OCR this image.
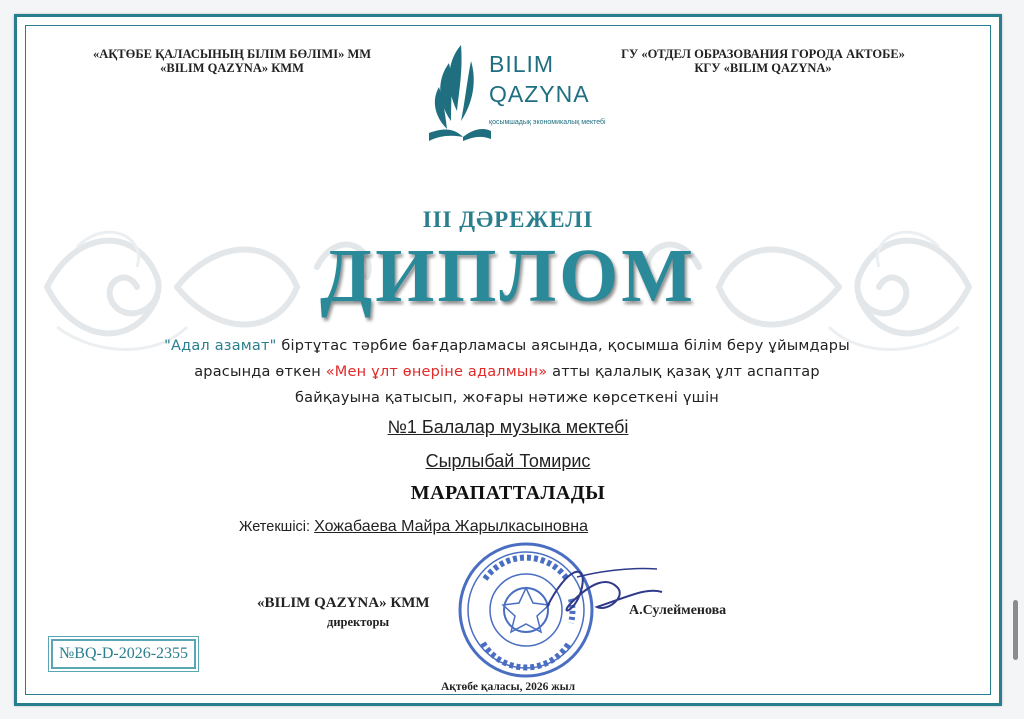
«АҚТӨБЕ ҚАЛАСЫНЫҢ БІЛІМ БӨЛІМІ» ММ
«BILIM QAZYNA» КММ
ГУ «ОТДЕЛ ОБРАЗОВАНИЯ ГОРОДА АКТОБЕ»
КГУ «BILIM QAZYNA»
BILIM
QAZYNA
қосымшадық экономикалық мектебі
III ДӘРЕЖЕЛІ
ДИПЛОМ
"Адал азамат" біртұтас тәрбие бағдарламасы аясында, қосымша білім беру ұйымдары арасында өткен «Мен ұлт өнеріне адалмын» атты қалалық қазақ ұлт аспаптар байқауына қатысып, жоғары нәтиже көрсеткені үшін
№1 Балалар музыка мектебі
Сырлыбай Томирис
МАРАПАТТАЛАДЫ
Жетекшісі: Хожабаева Майра Жарылкасыновна
«BILIM QAZYNA» КММ
директоры
А.Сулейменова
№BQ-D-2026-2355
Ақтөбе қаласы, 2026 жыл
